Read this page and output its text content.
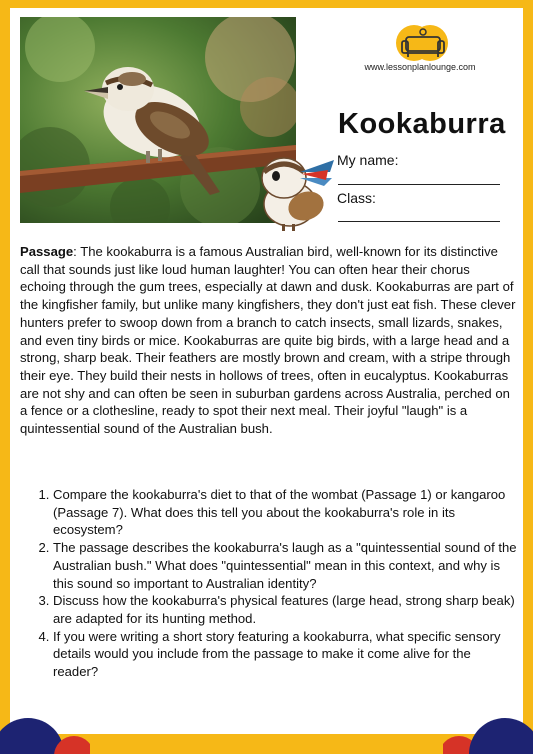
www.lessonplanlounge.com
Kookaburra
My name:
Class:
Passage: The kookaburra is a famous Australian bird, well-known for its distinctive call that sounds just like loud human laughter! You can often hear their chorus echoing through the gum trees, especially at dawn and dusk. Kookaburras are part of the kingfisher family, but unlike many kingfishers, they don't just eat fish. These clever hunters prefer to swoop down from a branch to catch insects, small lizards, snakes, and even tiny birds or mice. Kookaburras are quite big birds, with a large head and a strong, sharp beak. Their feathers are mostly brown and cream, with a stripe through their eye. They build their nests in hollows of trees, often in eucalyptus. Kookaburras are not shy and can often be seen in suburban gardens across Australia, perched on a fence or a clothesline, ready to spot their next meal. Their joyful "laugh" is a quintessential sound of the Australian bush.
1. Compare the kookaburra's diet to that of the wombat (Passage 1) or kangaroo (Passage 7). What does this tell you about the kookaburra's role in its ecosystem?
2. The passage describes the kookaburra's laugh as a "quintessential sound of the Australian bush." What does "quintessential" mean in this context, and why is this sound so important to Australian identity?
3. Discuss how the kookaburra's physical features (large head, strong sharp beak) are adapted for its hunting method.
4. If you were writing a short story featuring a kookaburra, what specific sensory details would you include from the passage to make it come alive for the reader?
